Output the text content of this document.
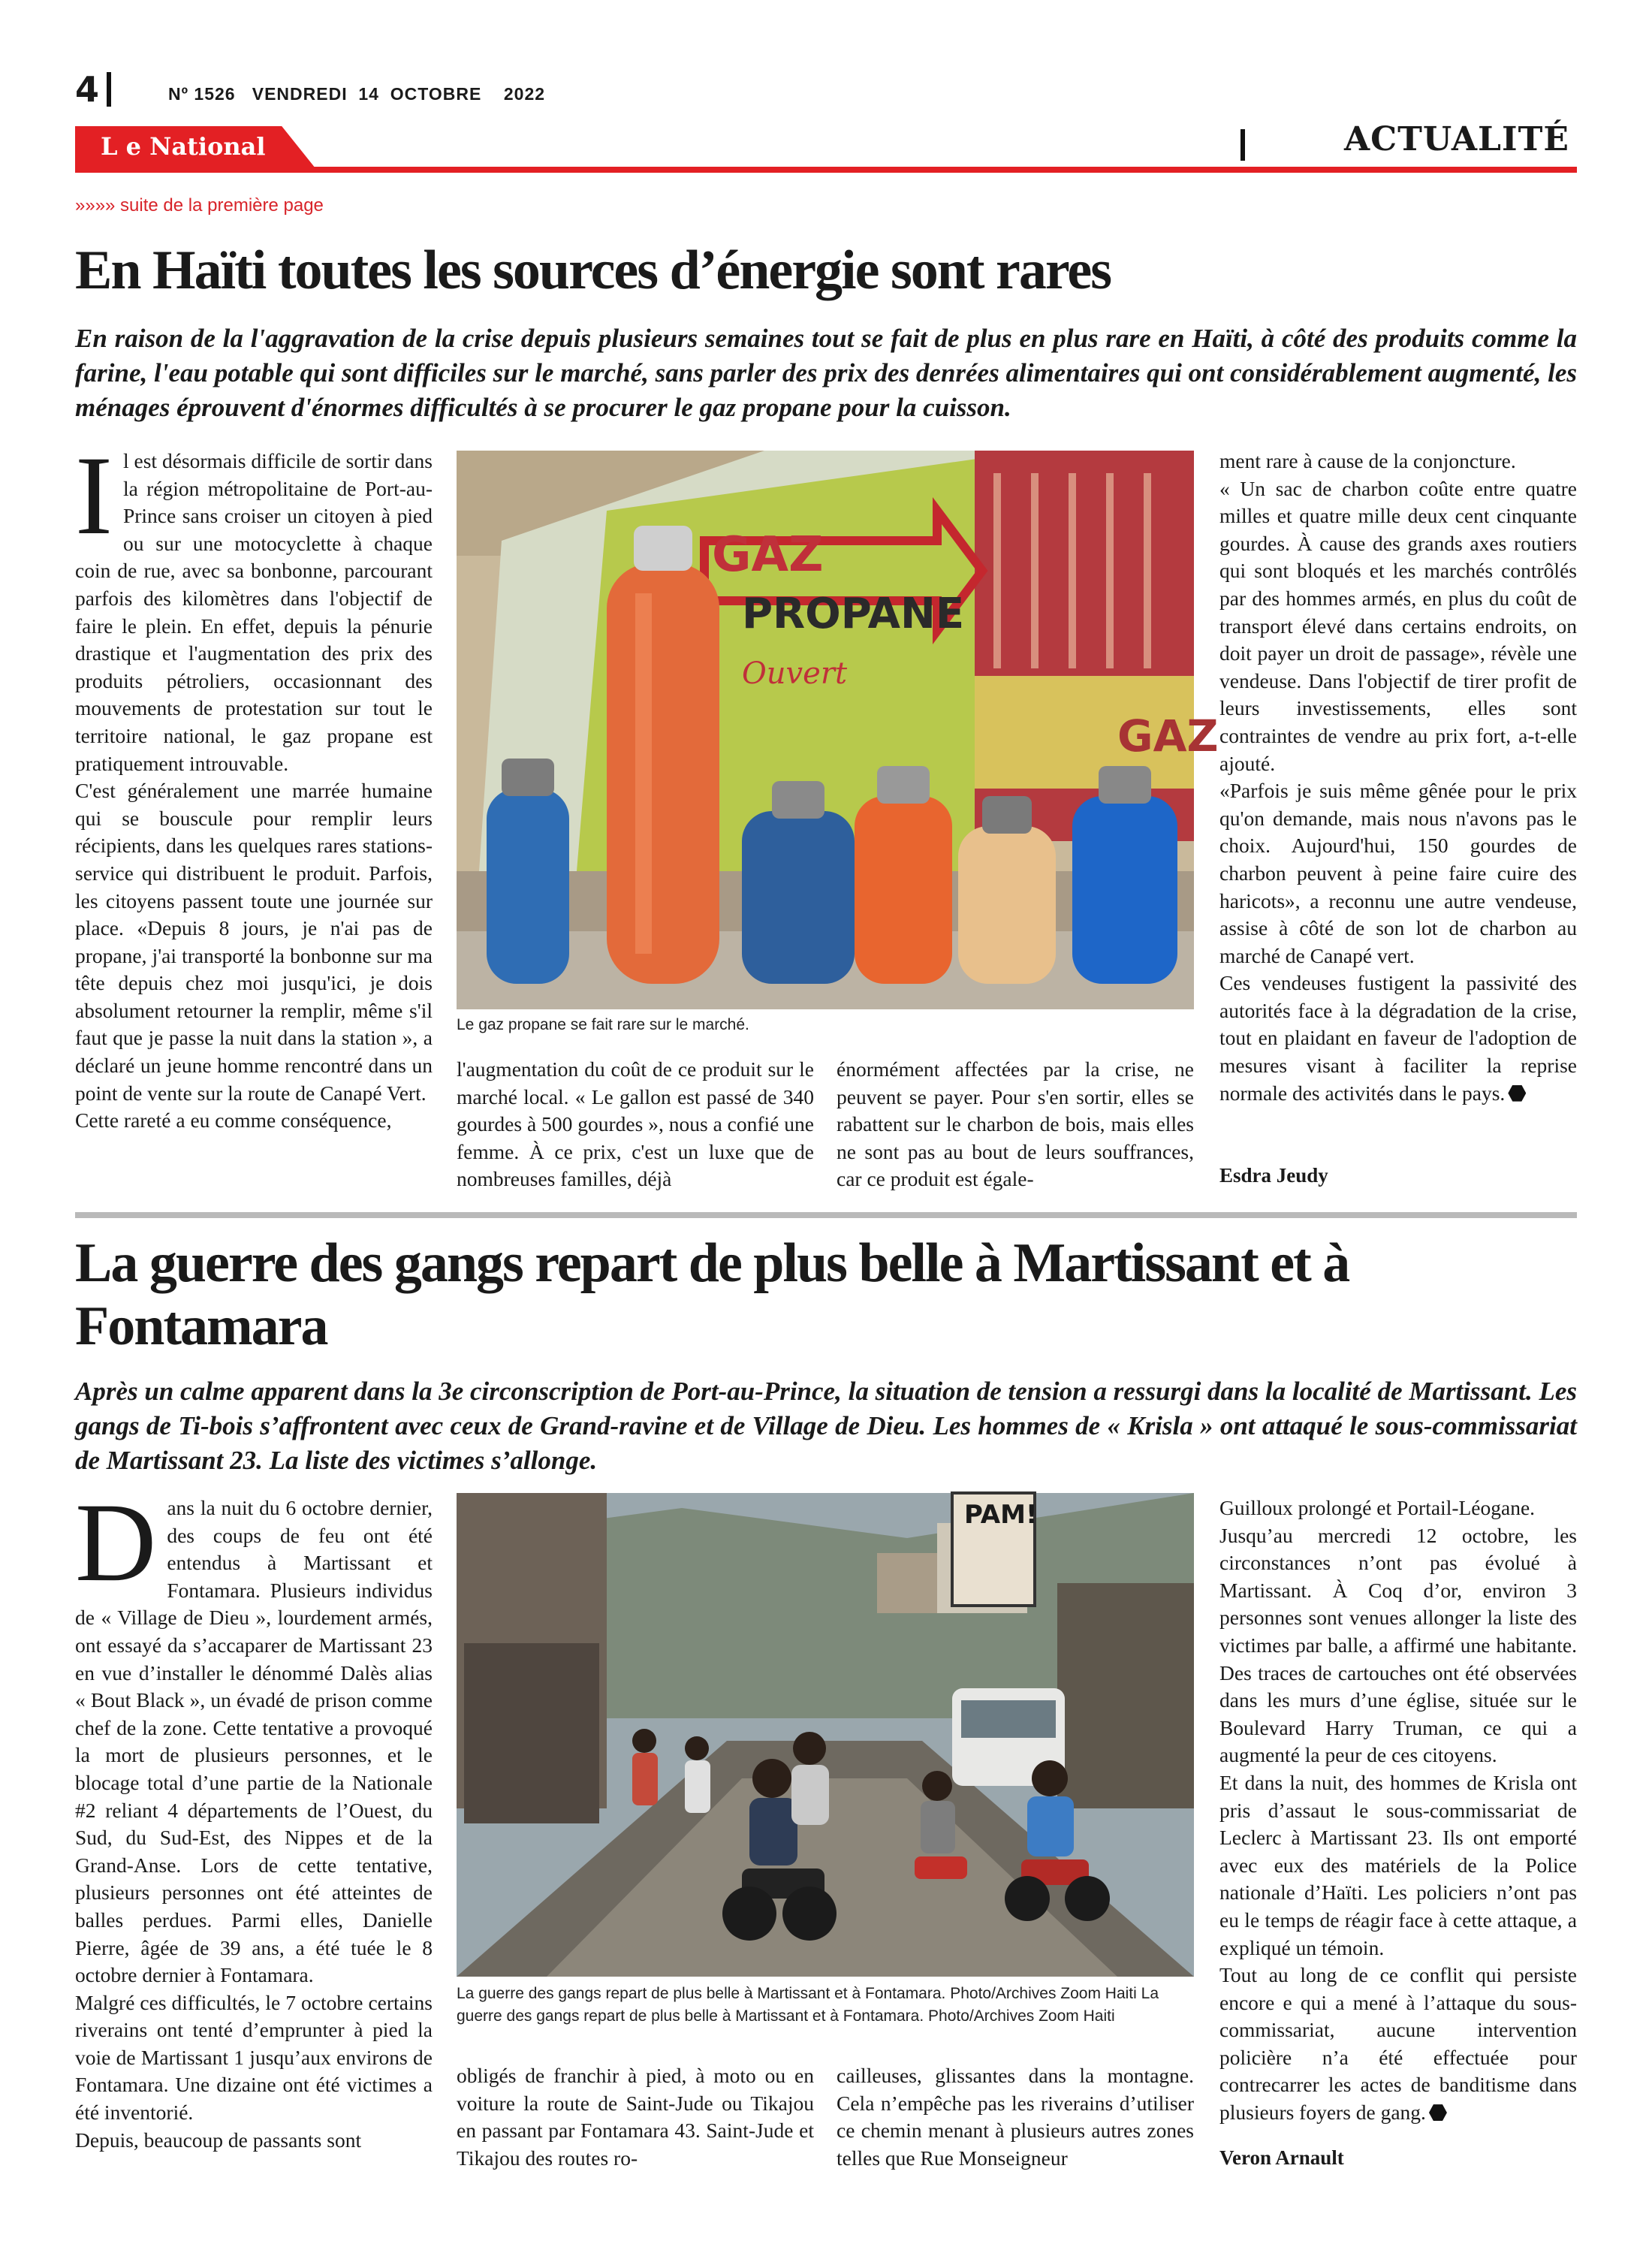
4	Nº 1526   VENDREDI  14  OCTOBRE    2022
L e National	ACTUALITÉ
»»»» suite de la première page
En Haïti toutes les sources d’énergie sont rares

En raison de la l'aggravation de la crise depuis plusieurs semaines tout se fait de plus en plus rare en Haïti, à côté des produits comme la farine, l'eau potable qui sont difficiles sur le marché, sans parler des prix des denrées alimentaires qui ont considérablement augmenté, les ménages éprouvent d'énormes difficultés à se procurer le gaz propane pour la cuisson.

I l est désormais difficile de sortir dans la région métropolitaine de Port-au-Prince sans croiser un citoyen à pied ou sur une motocyclette à chaque coin de rue, avec sa bonbonne, parcourant parfois des kilomètres dans l'objectif de faire le plein. En effet, depuis la pénurie drastique et l'augmentation des prix des produits pétroliers, occasionnant des mouvements de protestation sur tout le territoire national, le gaz propane est pratiquement introuvable.

C'est généralement une marrée humaine qui se bouscule pour remplir leurs récipients, dans les quelques rares stations-service qui distribuent le produit. Parfois, les citoyens passent toute une journée sur place. «Depuis 8 jours, je n'ai pas de propane, j'ai transporté la bonbonne sur ma tête depuis chez moi jusqu'ici, je dois absolument retourner la remplir, même s'il faut que je passe la nuit dans la station », a déclaré un jeune homme rencontré dans un point de vente sur la route de Canapé Vert.

Cette rareté a eu comme conséquence,

GAZ
GAZ
PROPANE
Ouvert
Le gaz propane se fait rare sur le marché.

l'augmentation du coût de ce produit sur le marché local. « Le gallon est passé de 340 gourdes à 500 gourdes », nous a confié une femme. À ce prix, c'est un luxe que de nombreuses familles, déjà

énormément affectées par la crise, ne peuvent se payer. Pour s'en sortir, elles se rabattent sur le charbon de bois, mais elles ne sont pas au bout de leurs souffrances, car ce produit est égale-

ment rare à cause de la conjoncture.

« Un sac de charbon coûte entre quatre milles et quatre mille deux cent cinquante gourdes. À cause des grands axes routiers qui sont bloqués et les marchés contrôlés par des hommes armés, en plus du coût de transport élevé dans certains endroits, on doit payer un droit de passage», révèle une vendeuse. Dans l'objectif de tirer profit de leurs investissements, elles sont contraintes de vendre au prix fort, a-t-elle ajouté.

«Parfois je suis même gênée pour le prix qu'on demande, mais nous n'avons pas le choix. Aujourd'hui, 150 gourdes de charbon peuvent à peine faire cuire des haricots», a reconnu une autre vendeuse, assise à côté de son lot de charbon au marché de Canapé vert.

Ces vendeuses fustigent la passivité des autorités face à la dégradation de la crise, tout en plaidant en faveur de l'adoption de mesures visant à faciliter la reprise normale des activités dans le pays.

Esdra Jeudy
La guerre des gangs repart de plus belle à Martissant et à Fontamara

Après un calme apparent dans la 3e circonscription de Port-au-Prince, la situation de tension a ressurgi dans la localité de Martissant. Les gangs de Ti-bois s’affrontent avec ceux de Grand-ravine et de Village de Dieu. Les hommes de « Krisla » ont attaqué le sous-commissariat de Martissant 23. La liste des victimes s’allonge.

D ans la nuit du 6 octobre dernier, des coups de feu ont été entendus à Martissant et Fontamara. Plusieurs individus de « Village de Dieu », lourdement armés, ont essayé da s’accaparer de Martissant 23 en vue d’installer le dénommé Dalès alias « Bout Black », un évadé de prison comme chef de la zone. Cette tentative a provoqué la mort de plusieurs personnes, et le blocage total d’une partie de la Nationale #2 reliant 4 départements de l’Ouest, du Sud, du Sud-Est, des Nippes et de la Grand-Anse. Lors de cette tentative, plusieurs personnes ont été atteintes de balles perdues. Parmi elles, Danielle Pierre, âgée de 39 ans, a été tuée le 8 octobre dernier à Fontamara.

Malgré ces difficultés, le 7 octobre certains riverains ont tenté d’emprunter à pied la voie de Martissant 1 jusqu’aux environs de Fontamara. Une dizaine ont été victimes a été inventorié.

Depuis, beaucoup de passants sont

PAM!
La guerre des gangs repart de plus belle à Martissant et à Fontamara. Photo/Archives Zoom Haiti La guerre des gangs repart de plus belle à Martissant et à Fontamara. Photo/Archives Zoom Haiti

obligés de franchir à pied, à moto ou en voiture la route de Saint-Jude ou Tikajou en passant par Fontamara 43. Saint-Jude et Tikajou des routes ro-

cailleuses, glissantes dans la montagne. Cela n’empêche pas les riverains d’utiliser ce chemin menant à plusieurs autres zones telles que Rue Monseigneur

Guilloux prolongé et Portail-Léogane.

Jusqu’au mercredi 12 octobre, les circonstances n’ont pas évolué à Martissant. À Coq d’or, environ 3 personnes sont venues allonger la liste des victimes par balle, a affirmé une habitante. Des traces de cartouches ont été observées dans les murs d’une église, située sur le Boulevard Harry Truman, ce qui a augmenté la peur de ces citoyens.

Et dans la nuit, des hommes de Krisla ont pris d’assaut le sous-commissariat de Leclerc à Martissant 23. Ils ont emporté avec eux des matériels de la Police nationale d’Haïti. Les policiers n’ont pas eu le temps de réagir face à cette attaque, a expliqué un témoin.

Tout au long de ce conflit qui persiste encore e qui a mené à l’attaque du sous-commissariat, aucune intervention policière n’a été effectuée pour contrecarrer les actes de banditisme dans plusieurs foyers de gang.

Veron Arnault
